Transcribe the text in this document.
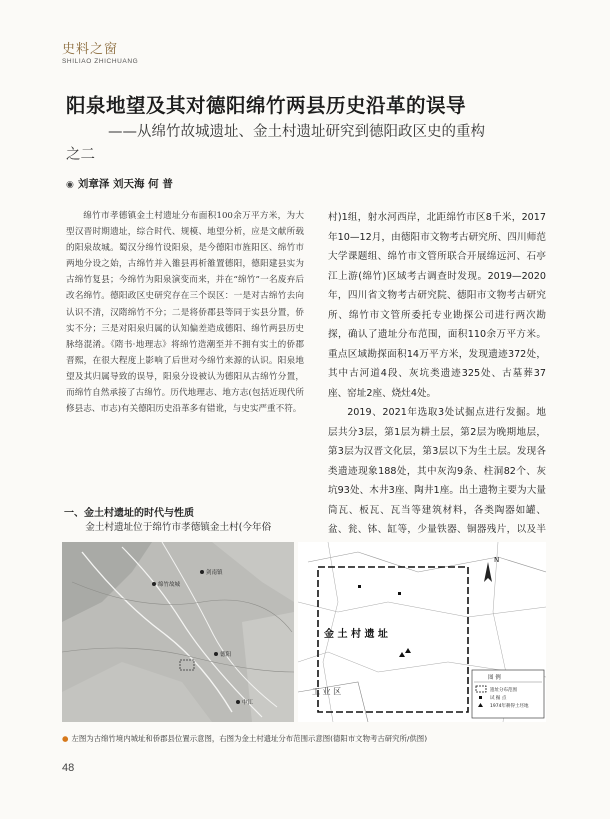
史料之窗
SHILIAO ZHICHUANG
阳泉地望及其对德阳绵竹两县历史沿革的误导
——从绵竹故城遗址、金土村遗址研究到德阳政区史的重构
之二
◉ 刘章泽 刘天海 何 普
绵竹市孝德镇金土村遗址分布面积100余万平方米，为大型汉晋时期遗址，综合时代、规模、地望分析，应是文献所载的阳泉故城。蜀汉分绵竹设阳泉，是今德阳市旌阳区、绵竹市两地分设之始，古绵竹并入雒县再析雒置德阳，德阳建县实为古绵竹复县；今绵竹为阳泉演变而来，并在“绵竹”一名废弃后改名绵竹。德阳政区史研究存在三个误区：一是对古绵竹去向认识不清，汉隋绵竹不分；二是将侨郡县等同于实县分置，侨实不分；三是对阳泉归属的认知偏差造成德阳、绵竹两县历史脉络混淆。《隋书·地理志》将绵竹造潮至并不拥有实土的侨郡晋熙，在很大程度上影响了后世对今绵竹来源的认识。阳泉地望及其归属导致的误导，阳泉分设被认为德阳从古绵竹分置，而绵竹自然承接了古绵竹。历代地理志、地方志(包括近现代所修县志、市志)有关德阳历史沿革多有错讹，与史实严重不符。
一、金土村遗址的时代与性质
金土村遗址位于绵竹市孝德镇金土村(今年俗

村)1组，射水河西岸，北距绵竹市区8千米，2017年10—12月，由德阳市文物考古研究所、四川师范大学课题组、绵竹市文管所联合开展绵远河、石亭江上游(绵竹)区域考古调查时发现。2019—2020年，四川省文物考古研究院、德阳市文物考古研究所、绵竹市文管所委托专业勘探公司进行两次勘探，确认了遗址分布范围，面积110余万平方米。重点区域勘探面积14万平方米，发现遗迹372处，其中古河道4段、灰坑类遗迹325处、古墓葬37座、窑址2座、烧灶4处。

2019、2021年选取3处试掘点进行发掘。地层共分3层，第1层为耕土层，第2层为晚期地层，第3层为汉晋文化层，第3层以下为生土层。发现各类遗迹现象188处，其中灰沟9条、柱洞82个、灰坑93处、木井3座、陶井1座。出土遗物主要为大量筒瓦、板瓦、瓦当等建筑材料，各类陶器如罐、盆、瓮、钵、缸等，少量铁器、铜器残片，以及半

绵竹故城
剑南镇
德阳
中江
金 土 村 遗 址
工 业 区
N
图 例
遗址分布范围
试 掘 点
1974年耕得土坯地
● 左图为古绵竹境内城址和侨郡县位置示意图，右图为金土村遗址分布范围示意图(德阳市文物考古研究所/供图)
48
